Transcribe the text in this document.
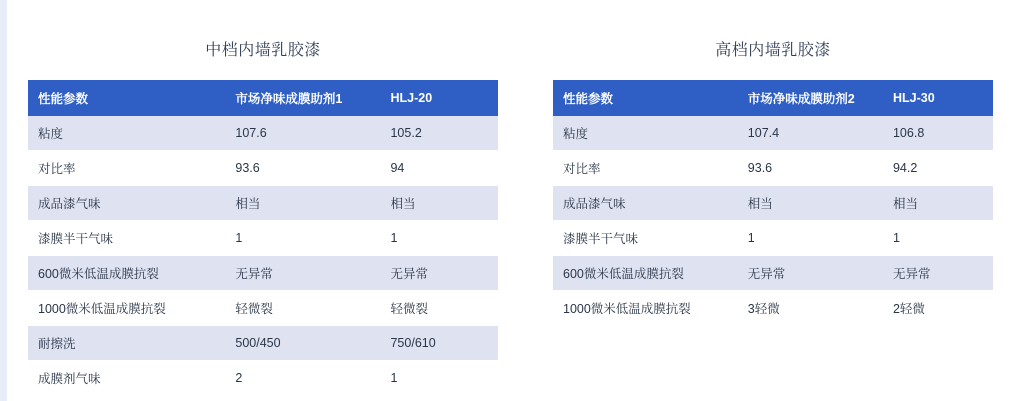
中档内墙乳胶漆
性能参数	市场净味成膜助剂1	HLJ-20
粘度	107.6	105.2
对比率	93.6	94
成品漆气味	相当	相当
漆膜半干气味	1	1
600微米低温成膜抗裂	无异常	无异常
1000微米低温成膜抗裂	轻微裂	轻微裂
耐擦洗	500/450	750/610
成膜剂气味	2	1
高档内墙乳胶漆
性能参数	市场净味成膜助剂2	HLJ-30
粘度	107.4	106.8
对比率	93.6	94.2
成品漆气味	相当	相当
漆膜半干气味	1	1
600微米低温成膜抗裂	无异常	无异常
1000微米低温成膜抗裂	3轻微	2轻微
